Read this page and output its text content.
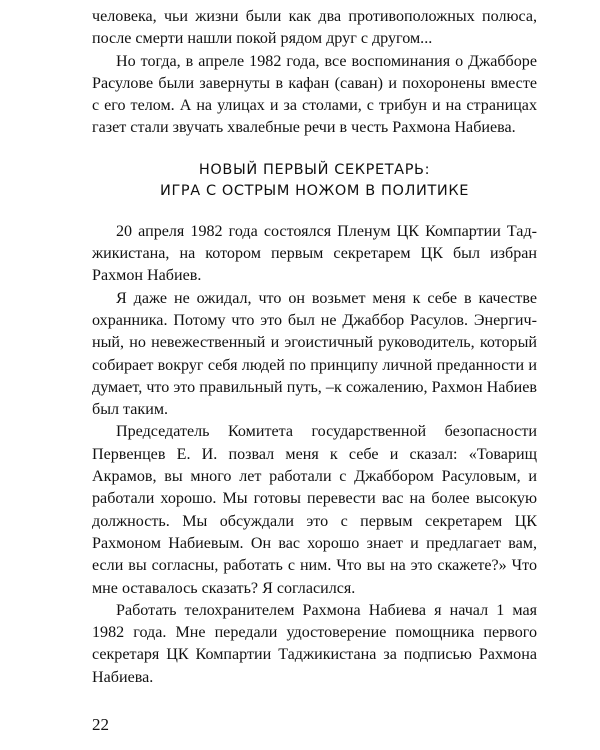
человека, чьи жизни были как два противоположных полюса, после смерти нашли покой рядом друг с другом...

Но тогда, в апреле 1982 года, все воспоминания о Джабборе Расулове были завернуты в кафан (саван) и похоронены вместе с его телом. А на улицах и за столами, с трибун и на страницах газет стали звучать хвалебные речи в честь Рахмона Набиева.

НОВЫЙ ПЕРВЫЙ СЕКРЕТАРЬ:
ИГРА С ОСТРЫМ НОЖОМ В ПОЛИТИКЕ

20 апреля 1982 года состоялся Пленум ЦК Компартии Таджикистана, на котором первым секретарем ЦК был избран Рахмон Набиев.

Я даже не ожидал, что он возьмет меня к себе в качестве охранника. Потому что это был не Джаббор Расулов. Энергичный, но невежественный и эгоистичный руководитель, который собирает вокруг себя людей по принципу личной преданности и думает, что это правильный путь, –к сожалению, Рахмон Набиев был таким.

Председатель Комитета государственной безопасности Первенцев Е. И. позвал меня к себе и сказал: «Товарищ Акрамов, вы много лет работали с Джаббором Расуловым, и работали хорошо. Мы готовы перевести вас на более высокую должность. Мы обсуждали это с первым секретарем ЦК Рахмоном Набиевым. Он вас хорошо знает и предлагает вам, если вы согласны, работать с ним. Что вы на это скажете?» Что мне оставалось сказать? Я согласился.

Работать телохранителем Рахмона Набиева я начал 1 мая 1982 года. Мне передали удостоверение помощника первого секретаря ЦК Компартии Таджикистана за подписью Рахмона Набиева.

22
